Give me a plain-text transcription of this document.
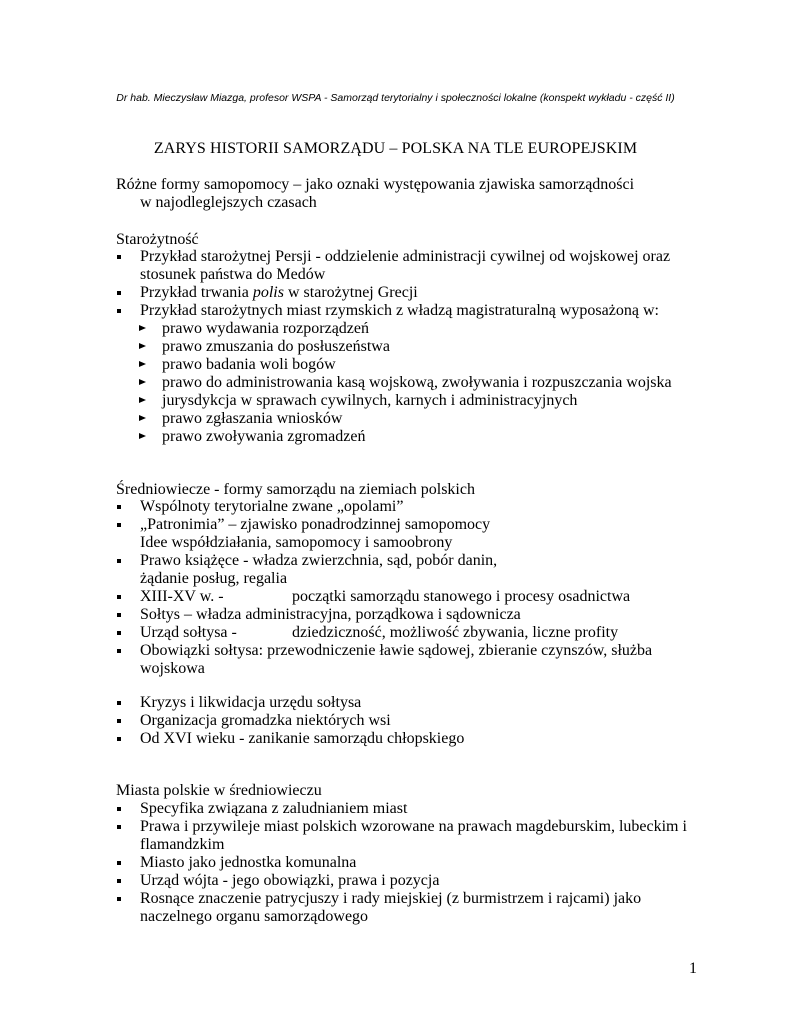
Dr hab. Mieczysław Miazga, profesor WSPA - Samorząd terytorialny i społeczności lokalne (konspekt wykładu - część II)
ZARYS HISTORII SAMORZĄDU – POLSKA NA TLE EUROPEJSKIM
Różne formy samopomocy – jako oznaki występowania zjawiska samorządności
w najodleglejszych czasach
Starożytność
Przykład starożytnej Persji - oddzielenie administracji cywilnej od wojskowej oraz
stosunek państwa do Medów
Przykład trwania polis w starożytnej Grecji
Przykład starożytnych miast rzymskich z władzą magistraturalną wyposażoną w:
prawo wydawania rozporządzeń
prawo zmuszania do posłuszeństwa
prawo badania woli bogów
prawo do administrowania kasą wojskową, zwoływania i rozpuszczania wojska
jurysdykcja w sprawach cywilnych, karnych i administracyjnych
prawo zgłaszania wniosków
prawo zwoływania zgromadzeń
Średniowiecze - formy samorządu na ziemiach polskich
Wspólnoty terytorialne zwane „opolami”
„Patronimia” – zjawisko ponadrodzinnej samopomocy
Idee współdziałania, samopomocy i samoobrony
Prawo książęce - władza zwierzchnia, sąd, pobór danin,
żądanie posług, regalia
XIII-XV w. -	początki samorządu stanowego i procesy osadnictwa
Sołtys – władza administracyjna, porządkowa i sądownicza
Urząd sołtysa -	dziedziczność, możliwość zbywania, liczne profity
Obowiązki sołtysa: przewodniczenie ławie sądowej, zbieranie czynszów, służba
wojskowa
Kryzys i likwidacja urzędu sołtysa
Organizacja gromadzka niektórych wsi
Od XVI wieku - zanikanie samorządu chłopskiego
Miasta polskie w średniowieczu
Specyfika związana z zaludnianiem miast
Prawa i przywileje miast polskich wzorowane na prawach magdeburskim, lubeckim i
flamandzkim
Miasto jako jednostka komunalna
Urząd wójta - jego obowiązki, prawa i pozycja
Rosnące znaczenie patrycjuszy i rady miejskiej (z burmistrzem i rajcami) jako
naczelnego organu samorządowego
1
